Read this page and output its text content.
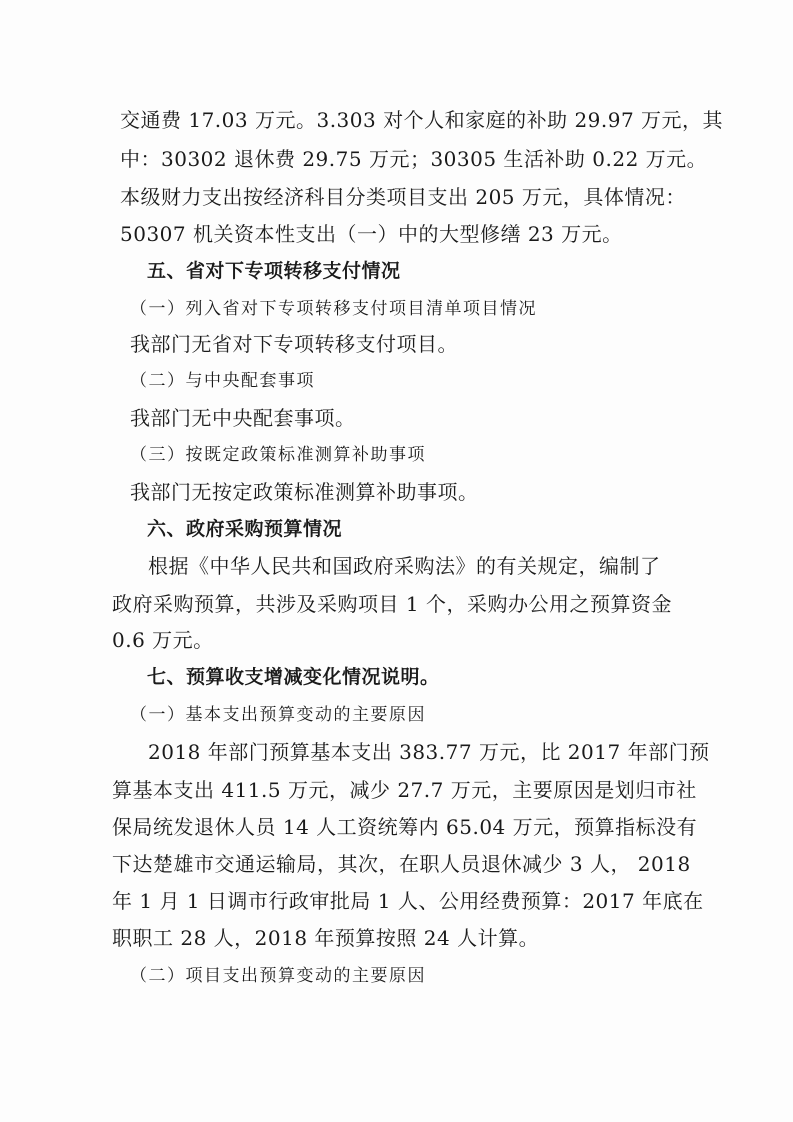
交通费 17.03 万元。3.303 对个人和家庭的补助 29.97 万元，其
中：30302 退休费 29.75 万元；30305 生活补助 0.22 万元。
本级财力支出按经济科目分类项目支出 205 万元，具体情况：
50307 机关资本性支出（一）中的大型修缮 23 万元。
五、省对下专项转移支付情况
（一）列入省对下专项转移支付项目清单项目情况
我部门无省对下专项转移支付项目。
（二）与中央配套事项
我部门无中央配套事项。
（三）按既定政策标准测算补助事项
我部门无按定政策标准测算补助事项。
六、政府采购预算情况
根据《中华人民共和国政府采购法》的有关规定，编制了
政府采购预算，共涉及采购项目 1 个，采购办公用之预算资金
0.6 万元。
七、预算收支增减变化情况说明。
（一）基本支出预算变动的主要原因
2018 年部门预算基本支出 383.77 万元，比 2017 年部门预
算基本支出 411.5 万元，减少 27.7 万元，主要原因是划归市社
保局统发退休人员 14 人工资统筹内 65.04 万元，预算指标没有
下达楚雄市交通运输局，其次，在职人员退休减少 3 人， 2018
年 1 月 1 日调市行政审批局 1 人、公用经费预算：2017 年底在
职职工 28 人，2018 年预算按照 24 人计算。
（二）项目支出预算变动的主要原因
